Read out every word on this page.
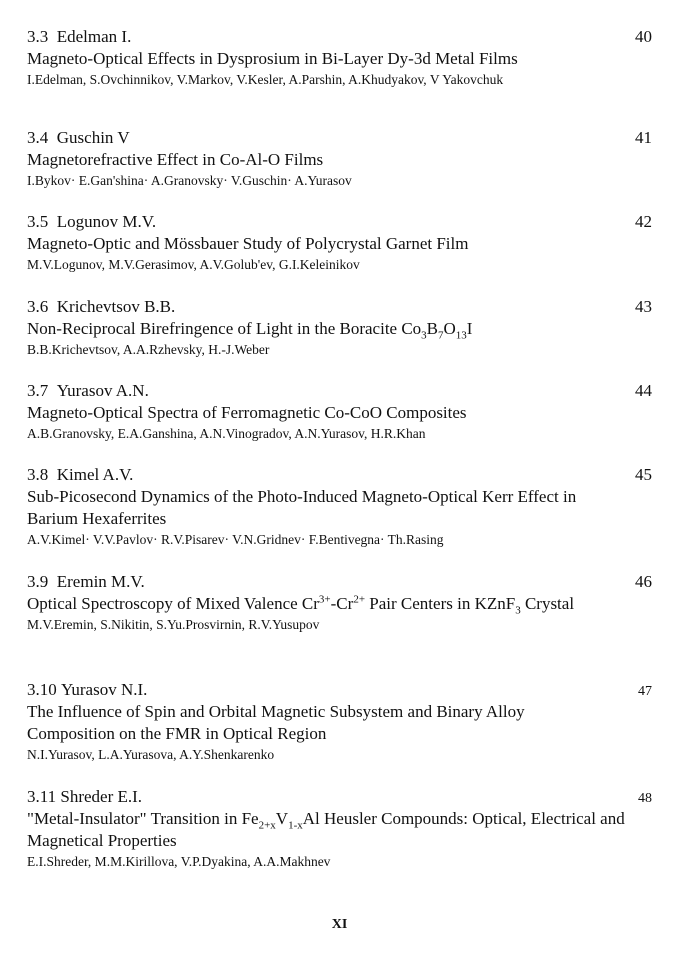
3.3 Edelman I.	40
Magneto-Optical Effects in Dysprosium in Bi-Layer Dy-3d Metal Films
I.Edelman, S.Ovchinnikov, V.Markov, V.Kesler, A.Parshin, A.Khudyakov, V Yakovchuk
3.4 Guschin V	41
Magnetorefractive Effect in Co-Al-O Films
I.Bykov· E.Gan'shina· A.Granovsky· V.Guschin· A.Yurasov
3.5 Logunov M.V.	42
Magneto-Optic and Mössbauer Study of Polycrystal Garnet Film
M.V.Logunov, M.V.Gerasimov, A.V.Golub'ev, G.I.Keleinikov
3.6 Krichevtsov B.B.	43
Non-Reciprocal Birefringence of Light in the Boracite $Co_3B_7O_{13}I$
B.B.Krichevtsov, A.A.Rzhevsky, H.-J.Weber
3.7 Yurasov A.N.	44
Magneto-Optical Spectra of Ferromagnetic Co-CoO Composites
A.B.Granovsky, E.A.Ganshina, A.N.Vinogradov, A.N.Yurasov, H.R.Khan
3.8 Kimel A.V.	45
Sub-Picosecond Dynamics of the Photo-Induced Magneto-Optical Kerr Effect in Barium Hexaferrites
A.V.Kimel· V.V.Pavlov· R.V.Pisarev· V.N.Gridnev· F.Bentivegna· Th.Rasing
3.9 Eremin M.V.	46
Optical Spectroscopy of Mixed Valence $Cr^{3+}-Cr^{2+}$ Pair Centers in KZnF$_3$ Crystal
M.V.Eremin, S.Nikitin, S.Yu.Prosvirnin, R.V.Yusupov
3.10 Yurasov N.I.	47
The Influence of Spin and Orbital Magnetic Subsystem and Binary Alloy Composition on the FMR in Optical Region
N.I.Yurasov, L.A.Yurasova, A.Y.Shenkarenko
3.11 Shreder E.I.	48
"Metal-Insulator" Transition in $Fe_{2+x}V_{1-x}Al$ Heusler Compounds: Optical, Electrical and Magnetical Properties
E.I.Shreder, M.M.Kirillova, V.P.Dyakina, A.A.Makhnev
XI
